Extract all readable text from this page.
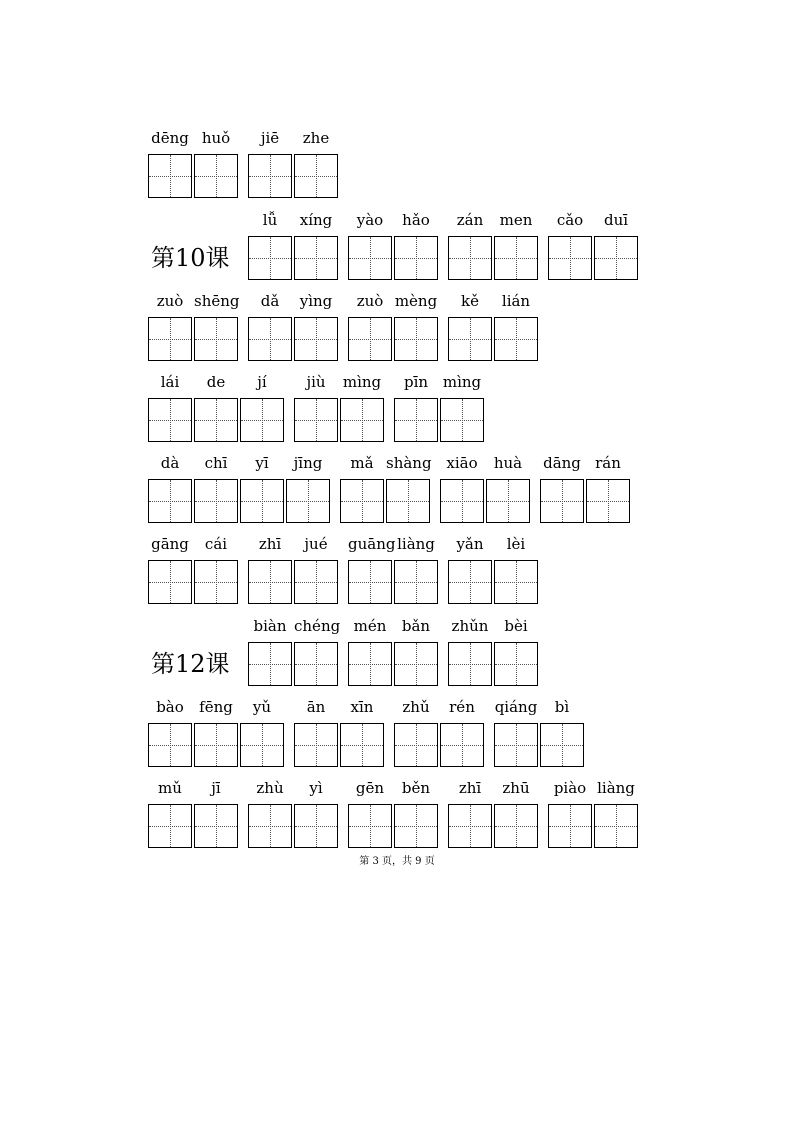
dēng huǒ	jiē	zhe
第10课
lǚ	xíng	yào	hǎo	zán	men	cǎo	duī
zuò shēng	dǎ	yìng	zuò mèng	kě	lián
lái	de	jí	jiù	mìng	pīn mìng
dà	chī	yī	jīng	mǎ shàng xiāo	huà	dāng rán
gāng	cái	zhī	jué	guāng liàng	yǎn	lèi
第12课
biàn chéng mén	bǎn	zhǔn	bèi
bào	fēng	yǔ	ān	xīn	zhǔ	rén	qiáng	bì
mǔ	jī	zhù	yì	gēn	běn	zhī	zhū	piào liàng
第 3 页，共 9 页
